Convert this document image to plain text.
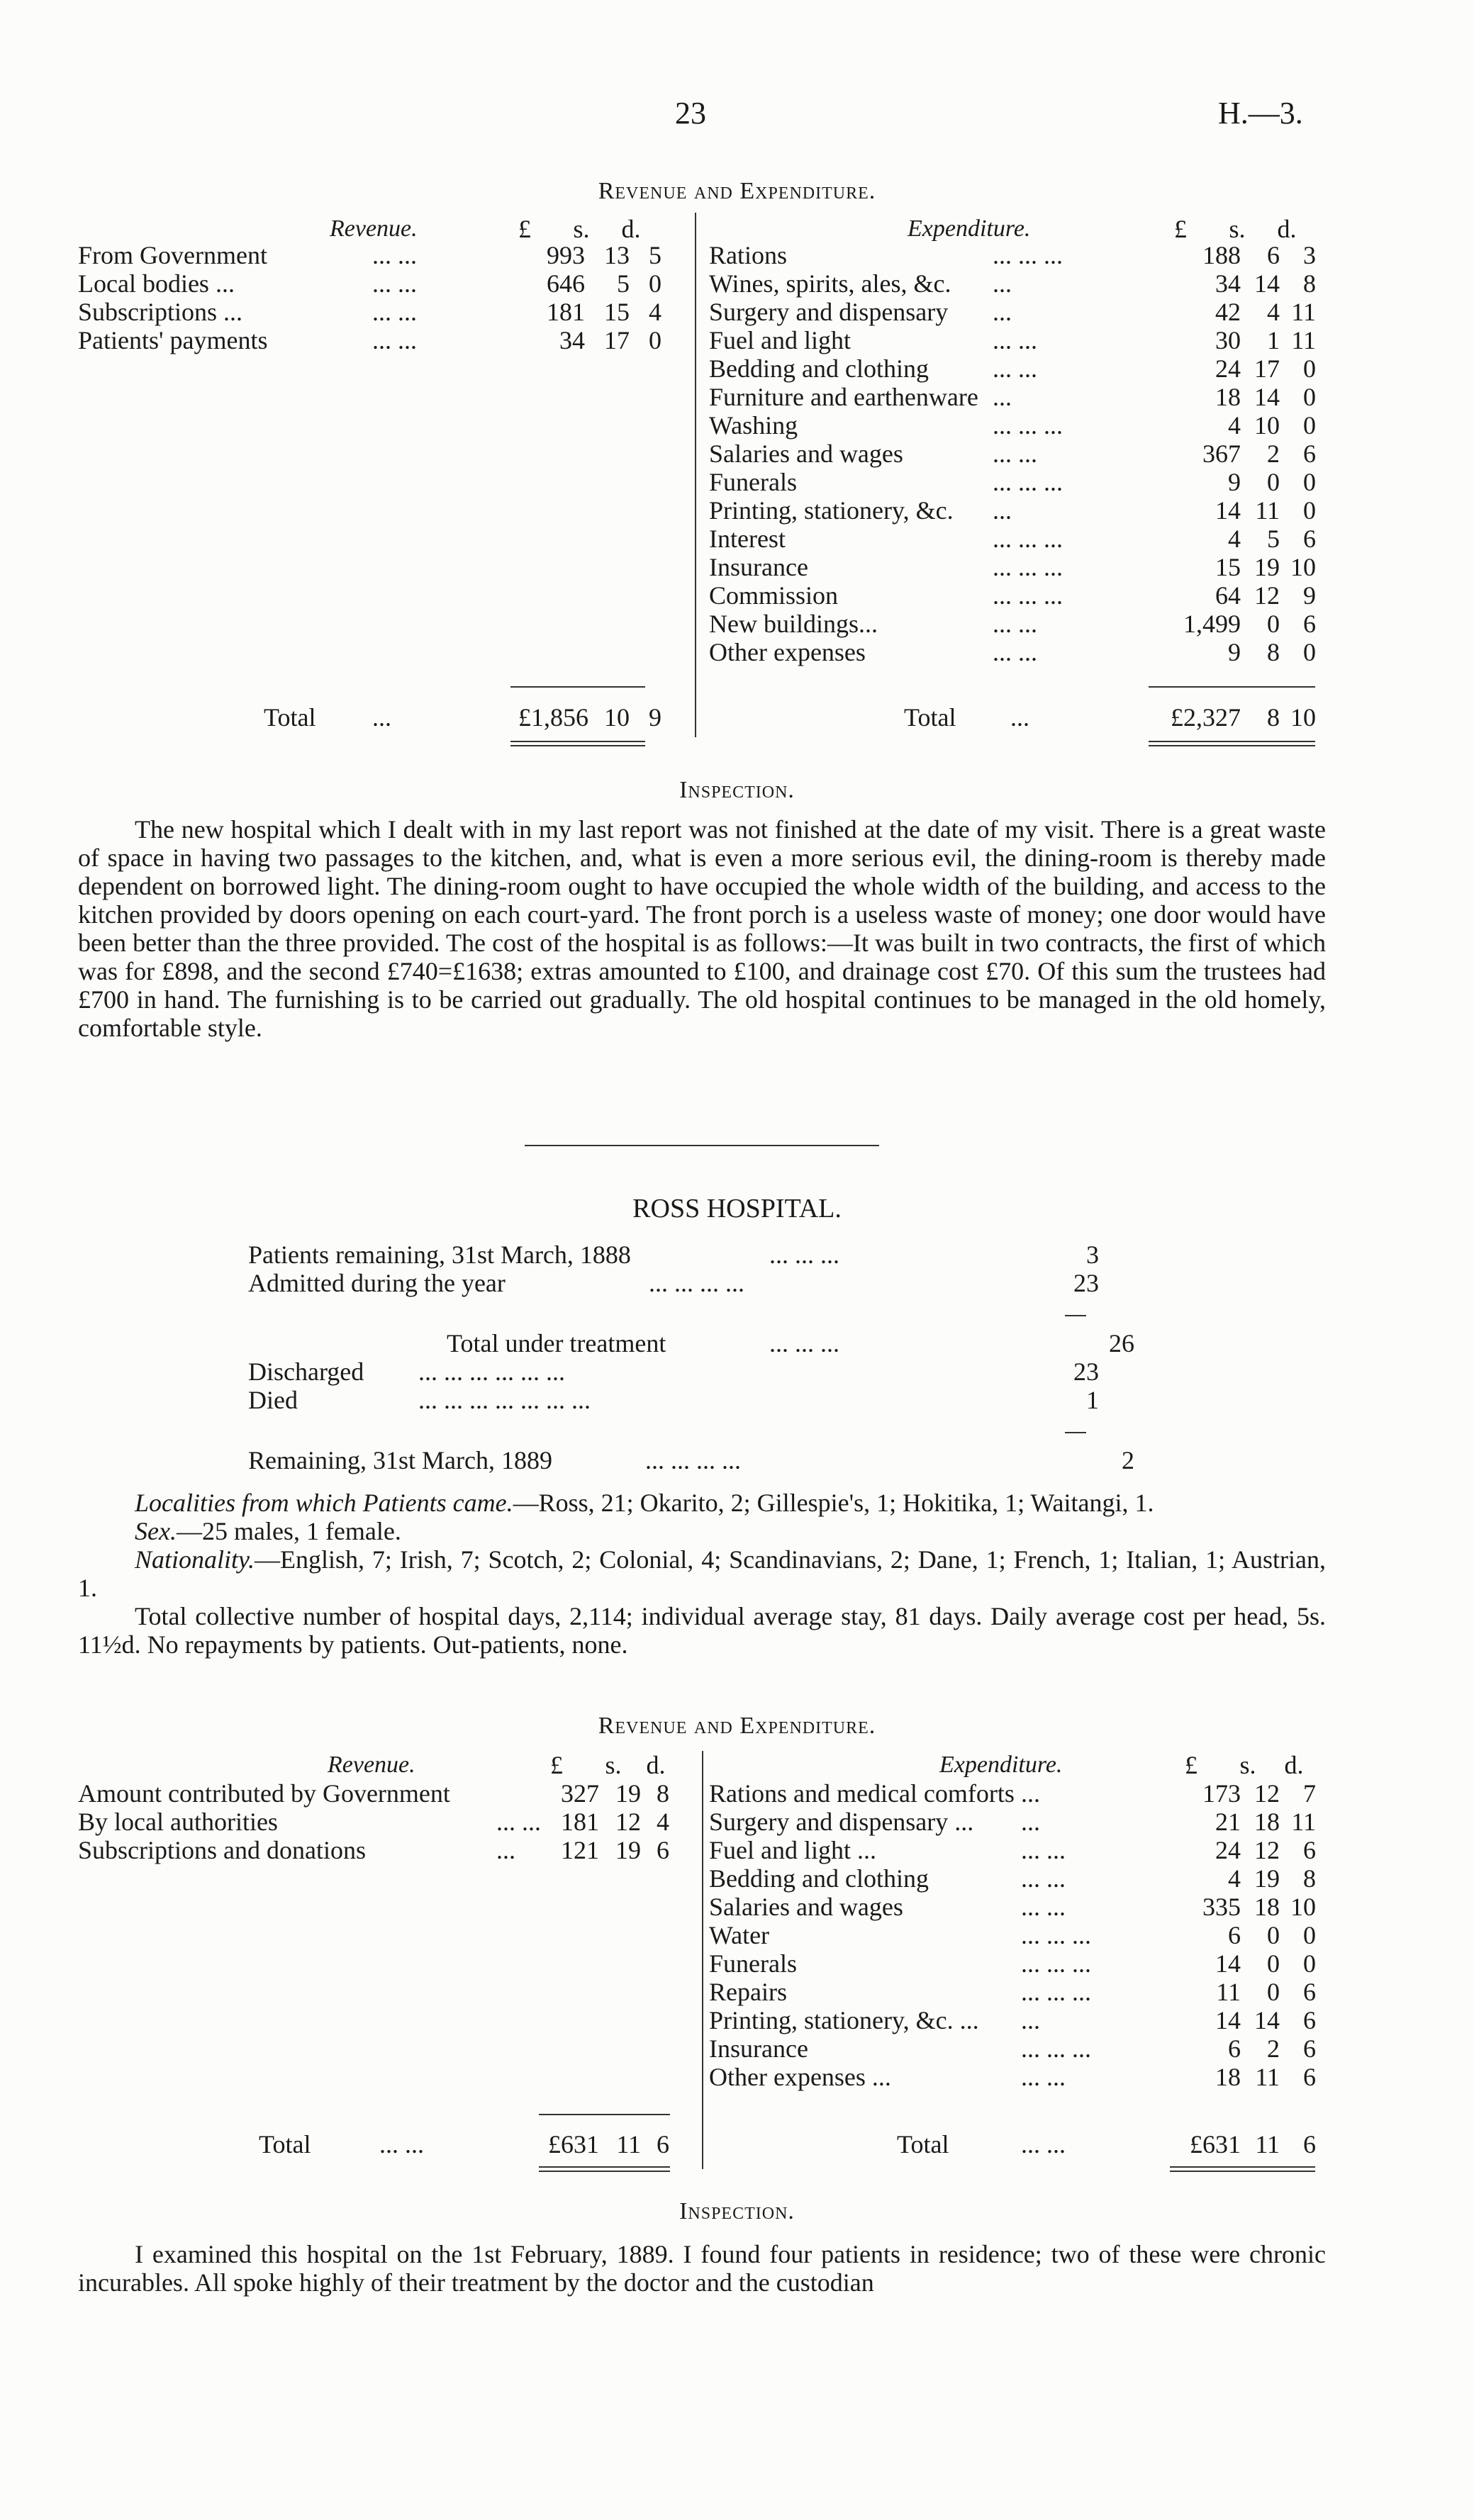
23	H.—3.
Revenue and Expenditure.
Revenue.	£	s.	d.	Expenditure.	£	s.	d.
From Government	... ...	993 13 5
Local bodies ...	... ...	646	5 0
Subscriptions ...	... ...	181 15 4
Patients' payments	... ...	34 17 0
Rations	... ... ...	188	6 3
Wines, spirits, ales, &c. ...	34 14 8
Surgery and dispensary ...	42	4 11
Fuel and light	... ...	30	1 11
Bedding and clothing	... ...	24 17 0
Furniture and earthenware ...	18 14 0
Washing	... ... ...	4 10 0
Salaries and wages	... ...	367	2 6
Funerals	... ... ...	9	0 0
Printing, stationery, &c. ...	14 11 0
Interest	... ... ...	4	5 6
Insurance	... ... ...	15 19 10
Commission	... ... ...	64 12 9
New buildings...	... ...	1,499	0 6
Other expenses	... ...	9	8 0
Total ...	£1,856 10 9	Total ...	£2,327	8 10
Inspection.

The new hospital which I dealt with in my last report was not finished at the date of my visit. There is a great waste of space in having two passages to the kitchen, and, what is even a more serious evil, the dining-room is thereby made dependent on borrowed light. The dining-room ought to have occupied the whole width of the building, and access to the kitchen provided by doors opening on each court-yard. The front porch is a useless waste of money; one door would have been better than the three provided. The cost of the hospital is as follows:—It was built in two contracts, the first of which was for £898, and the second £740=£1638; extras amounted to £100, and drainage cost £70. Of this sum the trustees had £700 in hand. The furnishing is to be carried out gradually. The old hospital continues to be managed in the old homely, comfortable style.

ROSS HOSPITAL.
Patients remaining, 31st March, 1888	... ... ...	3
Admitted during the year	... ... ... ...	23
Total under treatment	... ... ...	26
Discharged ... ... ... ... ... ...	23
Died	... ... ... ... ... ... ...	1
Remaining, 31st March, 1889	... ... ... ...	2

Localities from which Patients came.—Ross, 21; Okarito, 2; Gillespie's, 1; Hokitika, 1; Waitangi, 1.

Sex.—25 males, 1 female.

Nationality.—English, 7; Irish, 7; Scotch, 2; Colonial, 4; Scandinavians, 2; Dane, 1; French, 1; Italian, 1; Austrian, 1.

Total collective number of hospital days, 2,114; individual average stay, 81 days. Daily average cost per head, 5s. 11½d. No repayments by patients. Out-patients, none.

Revenue and Expenditure.
Revenue.	£	s. d.	Expenditure.	£	s.	d.
Amount contributed by Government	327 19 8
By local authorities	... ... 181 12 4
Subscriptions and donations	...	121 19 6
Rations and medical comforts ...	173 12 7
Surgery and dispensary ... ...	21 18 11
Fuel and light ...	... ...	24 12 6
Bedding and clothing	... ...	4 19 8
Salaries and wages	... ...	335 18 10
Water	... ... ...	6	0 0
Funerals	... ... ...	14	0 0
Repairs	... ... ...	11	0 6
Printing, stationery, &c. ... ...	14 14 6
Insurance	... ... ...	6	2 6
Other expenses ...	... ...	18 11 6
Total	... ...	£631 11 6	Total	... ...	£631 11 6
Inspection.

I examined this hospital on the 1st February, 1889. I found four patients in residence; two of these were chronic incurables. All spoke highly of their treatment by the doctor and the custodian
